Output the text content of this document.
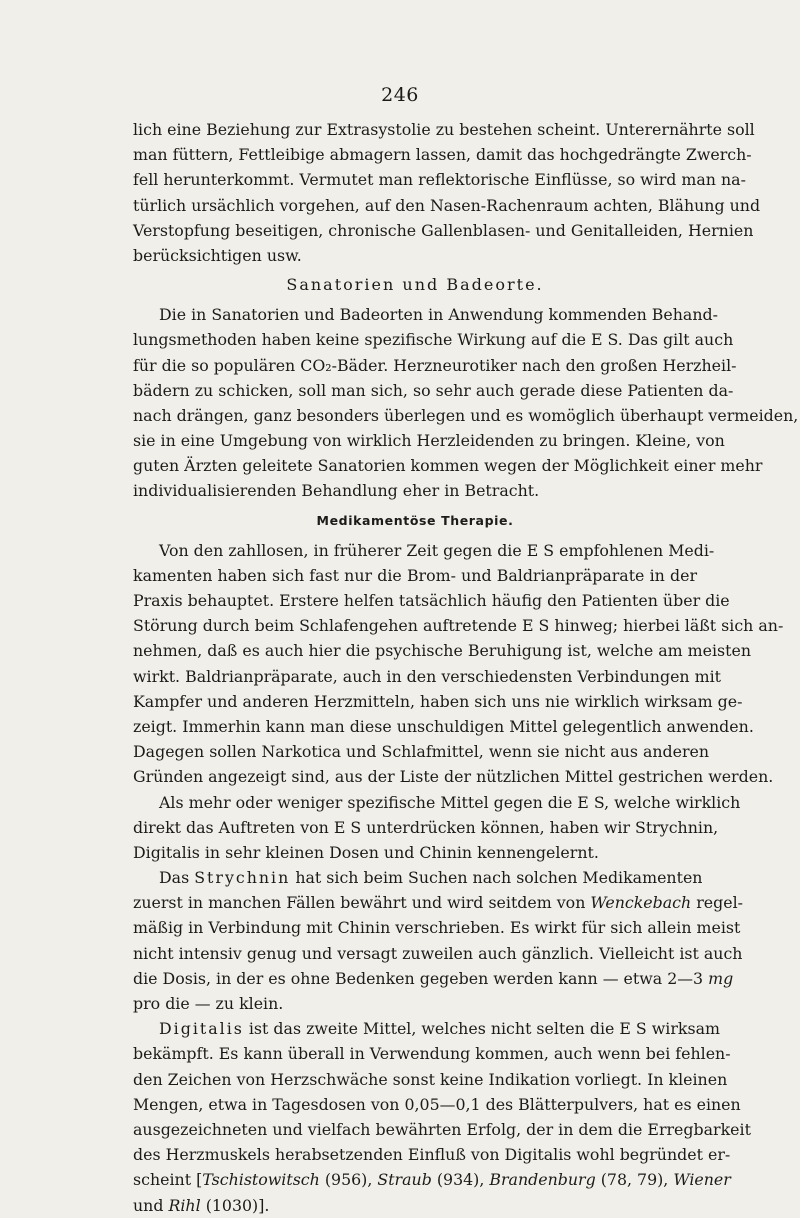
246
lich eine Beziehung zur Extrasystolie zu bestehen scheint. Unterernährte soll
man füttern, Fettleibige abmagern lassen, damit das hochgedrängte Zwerch-
fell herunterkommt. Vermutet man reflektorische Einflüsse, so wird man na-
türlich ursächlich vorgehen, auf den Nasen-Rachenraum achten, Blähung und
Verstopfung beseitigen, chronische Gallenblasen- und Genitalleiden, Hernien
berücksichtigen usw.
Sanatorien und Badeorte.
Die in Sanatorien und Badeorten in Anwendung kommenden Behand-
lungsmethoden haben keine spezifische Wirkung auf die E S. Das gilt auch
für die so populären CO₂-Bäder. Herzneurotiker nach den großen Herzheil-
bädern zu schicken, soll man sich, so sehr auch gerade diese Patienten da-
nach drängen, ganz besonders überlegen und es womöglich überhaupt vermeiden,
sie in eine Umgebung von wirklich Herzleidenden zu bringen. Kleine, von
guten Ärzten geleitete Sanatorien kommen wegen der Möglichkeit einer mehr
individualisierenden Behandlung eher in Betracht.
Medikamentöse Therapie.
Von den zahllosen, in früherer Zeit gegen die E S empfohlenen Medi-
kamenten haben sich fast nur die Brom- und Baldrianpräparate in der
Praxis behauptet. Erstere helfen tatsächlich häufig den Patienten über die
Störung durch beim Schlafengehen auftretende E S hinweg; hierbei läßt sich an-
nehmen, daß es auch hier die psychische Beruhigung ist, welche am meisten
wirkt. Baldrianpräparate, auch in den verschiedensten Verbindungen mit
Kampfer und anderen Herzmitteln, haben sich uns nie wirklich wirksam ge-
zeigt. Immerhin kann man diese unschuldigen Mittel gelegentlich anwenden.
Dagegen sollen Narkotica und Schlafmittel, wenn sie nicht aus anderen
Gründen angezeigt sind, aus der Liste der nützlichen Mittel gestrichen werden.
Als mehr oder weniger spezifische Mittel gegen die E S, welche wirklich
direkt das Auftreten von E S unterdrücken können, haben wir Strychnin,
Digitalis in sehr kleinen Dosen und Chinin kennengelernt.
Das Strychnin hat sich beim Suchen nach solchen Medikamenten
zuerst in manchen Fällen bewährt und wird seitdem von Wenckebach regel-
mäßig in Verbindung mit Chinin verschrieben. Es wirkt für sich allein meist
nicht intensiv genug und versagt zuweilen auch gänzlich. Vielleicht ist auch
die Dosis, in der es ohne Bedenken gegeben werden kann — etwa 2—3 mg
pro die — zu klein.
Digitalis ist das zweite Mittel, welches nicht selten die E S wirksam
bekämpft. Es kann überall in Verwendung kommen, auch wenn bei fehlen-
den Zeichen von Herzschwäche sonst keine Indikation vorliegt. In kleinen
Mengen, etwa in Tagesdosen von 0,05—0,1 des Blätterpulvers, hat es einen
ausgezeichneten und vielfach bewährten Erfolg, der in dem die Erregbarkeit
des Herzmuskels herabsetzenden Einfluß von Digitalis wohl begründet er-
scheint [Tschistowitsch (956), Straub (934), Brandenburg (78, 79), Wiener
und Rihl (1030)].
